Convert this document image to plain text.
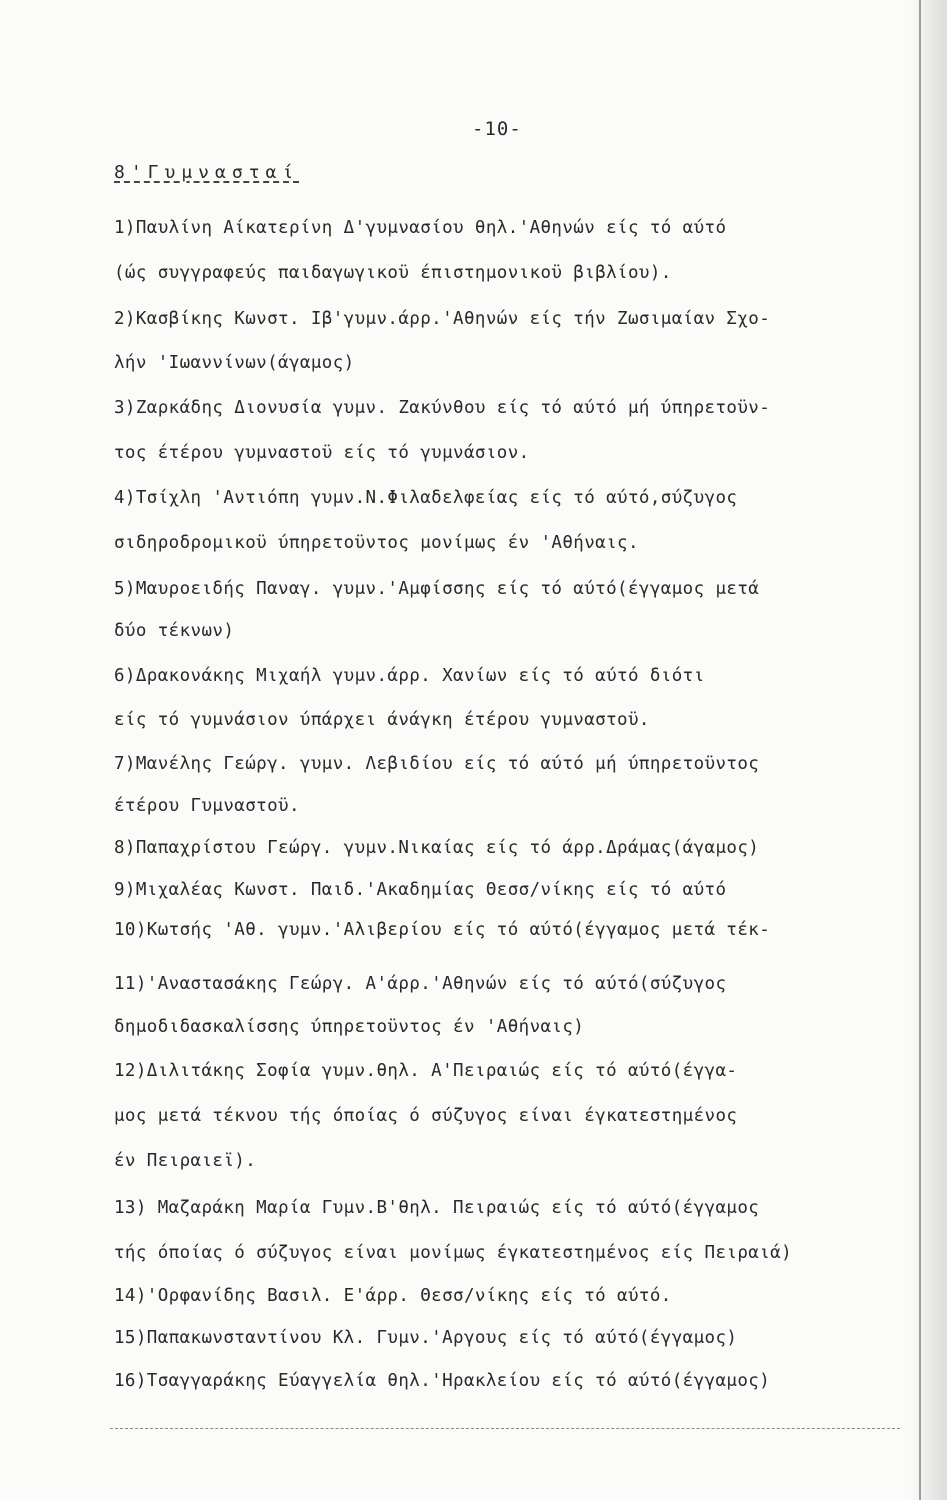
-10-
8'Γυμνασταί
1)Παυλίνη Αίκατερίνη Δ'γυμνασίου θηλ.'Αθηνών είς τό αύτό
(ώς συγγραφεύς παιδαγωγικοϋ έπιστημονικοϋ βιβλίου).
2)Κασβίκης Κωνστ. Ιβ'γυμν.άρρ.'Αθηνών είς τήν Ζωσιμαίαν Σχο-
λήν 'Ιωαννίνων(άγαμος)
3)Ζαρκάδης Διονυσία γυμν. Ζακύνθου είς τό αύτό μή ύπηρετοϋν-
τος έτέρου γυμναστοϋ είς τό γυμνάσιον.
4)Τσίχλη 'Αντιόπη γυμν.Ν.Φιλαδελφείας είς τό αύτό,σύζυγος
σιδηροδρομικοϋ ύπηρετοϋντος μονίμως έν 'Αθήναις.
5)Μαυροειδής Παναγ. γυμν.'Αμφίσσης είς τό αύτό(έγγαμος μετά
δύο τέκνων)
6)Δρακονάκης Μιχαήλ γυμν.άρρ. Χανίων είς τό αύτό διότι
είς τό γυμνάσιον ύπάρχει άνάγκη έτέρου γυμναστοϋ.
7)Μανέλης Γεώργ. γυμν. Λεβιδίου είς τό αύτό μή ύπηρετοϋντος
έτέρου Γυμναστοϋ.
8)Παπαχρίστου Γεώργ. γυμν.Νικαίας είς τό άρρ.Δράμας(άγαμος)
9)Μιχαλέας Κωνστ. Παιδ.'Ακαδημίας Θεσσ/νίκης είς τό αύτό
10)Κωτσής 'Αθ. γυμν.'Αλιβερίου είς τό αύτό(έγγαμος μετά τέκ-
11)'Αναστασάκης Γεώργ. Α'άρρ.'Αθηνών είς τό αύτό(σύζυγος
δημοδιδασκαλίσσης ύπηρετοϋντος έν 'Αθήναις)
12)Διλιτάκης Σοφία γυμν.θηλ. Α'Πειραιώς είς τό αύτό(έγγα-
μος μετά τέκνου τής όποίας ό σύζυγος είναι έγκατεστημένος
έν Πειραιεϊ).
13) Μαζαράκη Μαρία Γυμν.Β'θηλ. Πειραιώς είς τό αύτό(έγγαμος
τής όποίας ό σύζυγος είναι μονίμως έγκατεστημένος είς Πειραιά)
14)'Ορφανίδης Βασιλ. Ε'άρρ. Θεσσ/νίκης είς τό αύτό.
15)Παπακωνσταντίνου Κλ. Γυμν.'Αργους είς τό αύτό(έγγαμος)
16)Τσαγγαράκης Εύαγγελία θηλ.'Ηρακλείου είς τό αύτό(έγγαμος)
